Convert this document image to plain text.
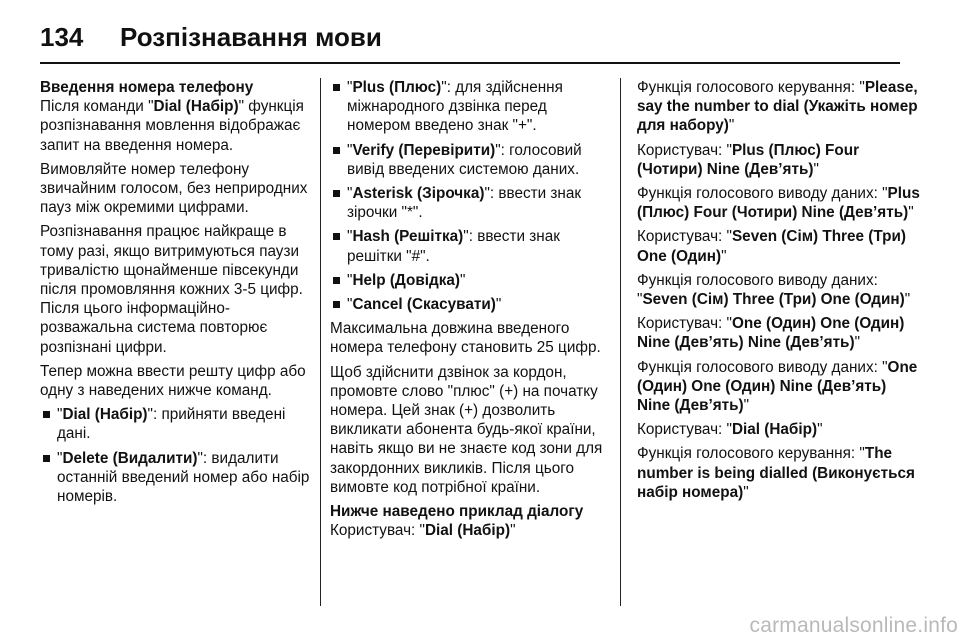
134 Розпізнавання мови
Введення номера телефону

Після команди "Dial (Набір)" функція розпізнавання мовлення відображає запит на введення номера.

Вимовляйте номер телефону звичайним голосом, без неприродних пауз між окремими цифрами.

Розпізнавання працює найкраще в тому разі, якщо витримуються паузи тривалістю щонайменше півсекунди після промовляння кожних 3-5 цифр. Після цього інформаційно-розважальна система повторює розпізнані цифри.

Тепер можна ввести решту цифр або одну з наведених нижче команд.

"Dial (Набір)": прийняти введені дані.
"Delete (Видалити)": видалити останній введений номер або набір номерів.
"Plus (Плюс)": для здійснення міжнародного дзвінка перед номером введено знак "+".
"Verify (Перевірити)": голосовий вивід введених системою даних.
"Asterisk (Зірочка)": ввести знак зірочки "*".
"Hash (Решітка)": ввести знак решітки "#".
"Help (Довідка)"
"Cancel (Скасувати)"

Максимальна довжина введеного номера телефону становить 25 цифр.

Щоб здійснити дзвінок за кордон, промовте слово "плюс" (+) на початку номера. Цей знак (+) дозволить викликати абонента будь-якої країни, навіть якщо ви не знаєте код зони для закордонних викликів. Після цього вимовте код потрібної країни.

Нижче наведено приклад діалогу

Користувач: "Dial (Набір)"

Функція голосового керування: "Please, say the number to dial (Укажіть номер для набору)"

Користувач: "Plus (Плюс) Four (Чотири) Nine (Дев’ять)"

Функція голосового виводу даних: "Plus (Плюс) Four (Чотири) Nine (Дев’ять)"

Користувач: "Seven (Сім) Three (Три) One (Один)"

Функція голосового виводу даних: "Seven (Сім) Three (Три) One (Один)"

Користувач: "One (Один) One (Один) Nine (Дев’ять) Nine (Дев’ять)"

Функція голосового виводу даних: "One (Один) One (Один) Nine (Дев’ять) Nine (Дев’ять)"

Користувач: "Dial (Набір)"

Функція голосового керування: "The number is being dialled (Виконується набір номера)"

carmanualsonline.info
